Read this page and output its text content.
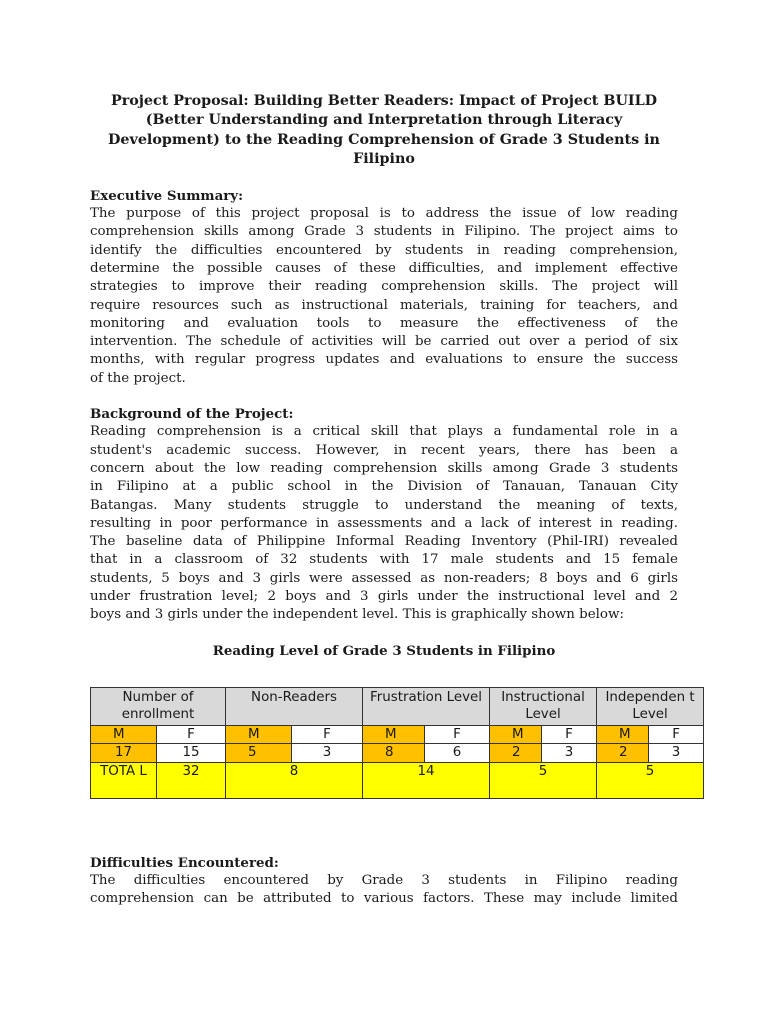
Project Proposal: Building Better Readers: Impact of Project BUILD
(Better Understanding and Interpretation through Literacy
Development) to the Reading Comprehension of Grade 3 Students in
Filipino

Executive Summary:

The purpose of this project proposal is to address the issue of low reading
comprehension skills among Grade 3 students in Filipino. The project aims to
identify the difficulties encountered by students in reading comprehension,
determine the possible causes of these difficulties, and implement effective
strategies to improve their reading comprehension skills. The project will
require resources such as instructional materials, training for teachers, and
monitoring and evaluation tools to measure the effectiveness of the
intervention. The schedule of activities will be carried out over a period of six
months, with regular progress updates and evaluations to ensure the success
of the project.

Background of the Project:

Reading comprehension is a critical skill that plays a fundamental role in a
student's academic success. However, in recent years, there has been a
concern about the low reading comprehension skills among Grade 3 students
in Filipino at a public school in the Division of Tanauan, Tanauan City
Batangas. Many students struggle to understand the meaning of texts,
resulting in poor performance in assessments and a lack of interest in reading.
The baseline data of Philippine Informal Reading Inventory (Phil-IRI) revealed
that in a classroom of 32 students with 17 male students and 15 female
students, 5 boys and 3 girls were assessed as non-readers; 8 boys and 6 girls
under frustration level; 2 boys and 3 girls under the instructional level and 2
boys and 3 girls under the independent level. This is graphically shown below:

Reading Level of Grade 3 Students in Filipino

Number of enrollment		Non-Readers		Frustration Level		Instructional Level		Independen t Level	
M	F	M	F	M	F	M	F	M	F
17	15	5	3	8	6	2	3	2	3
TOTA L	32	8		14		5		5	

Difficulties Encountered:

The difficulties encountered by Grade 3 students in Filipino reading
comprehension can be attributed to various factors. These may include limited
